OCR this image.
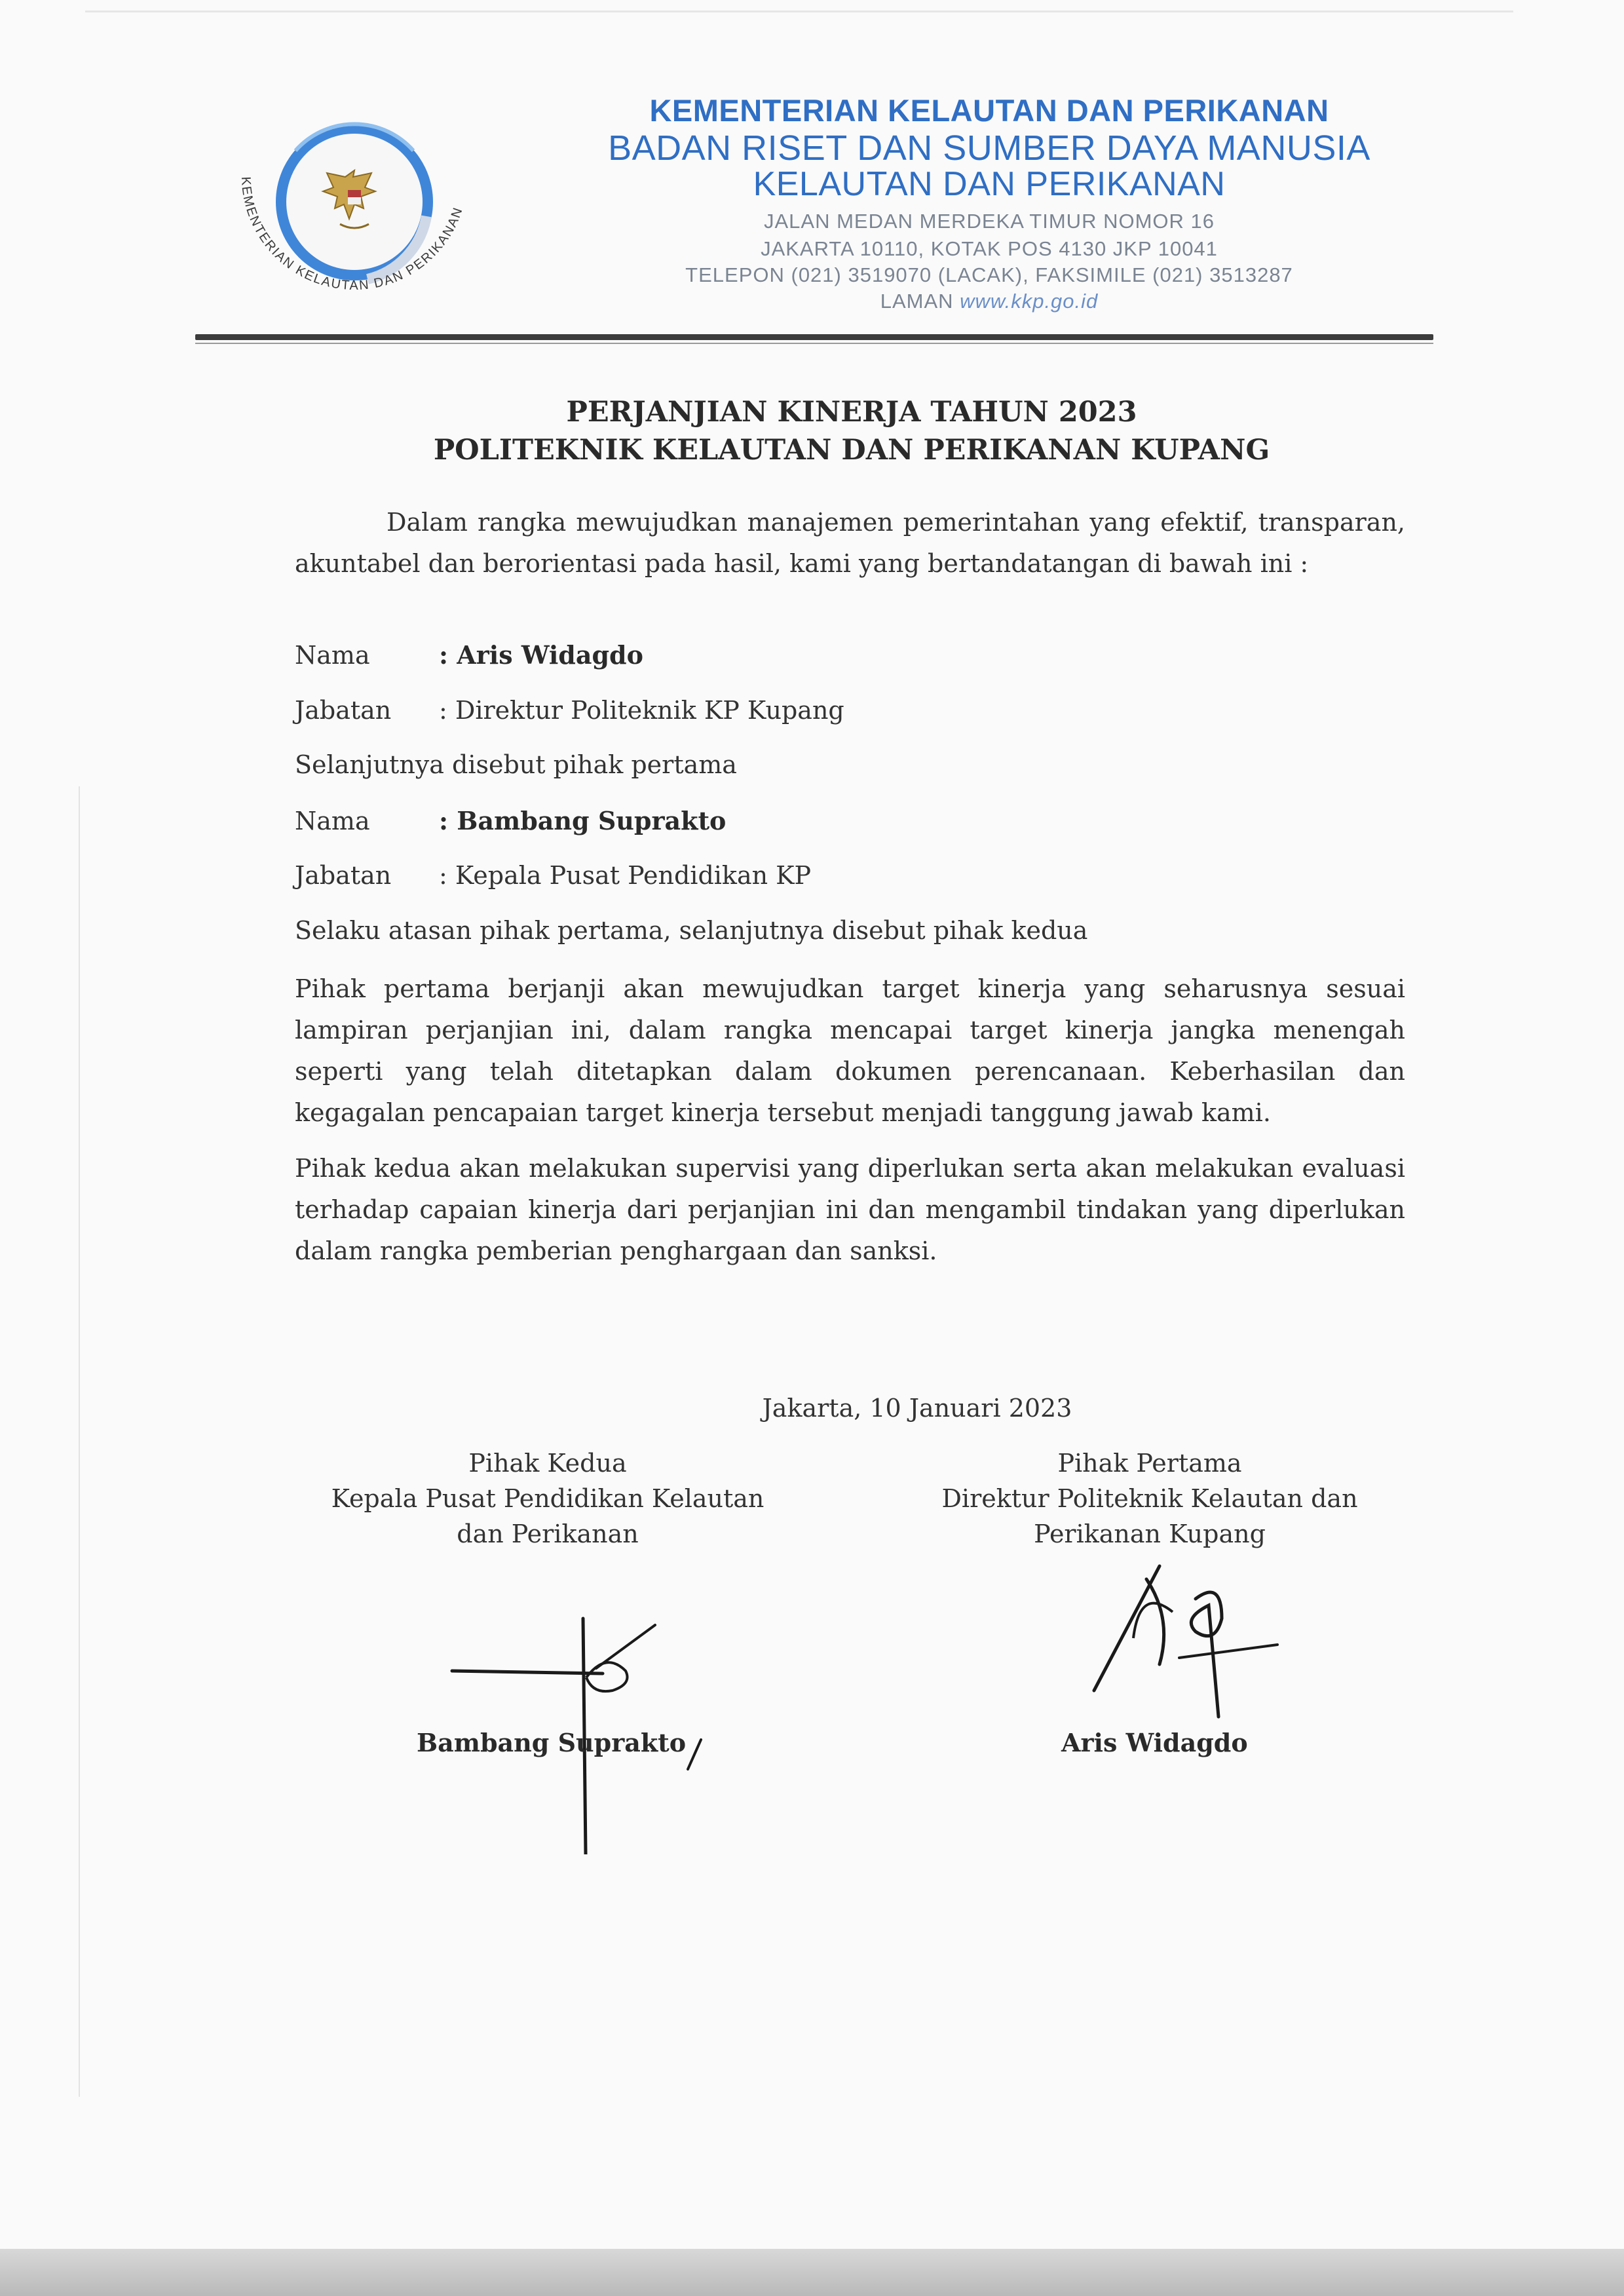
KEMENTERIAN KELAUTAN DAN PERIKANAN
KEMENTERIAN KELAUTAN DAN PERIKANAN
BADAN RISET DAN SUMBER DAYA MANUSIA
KELAUTAN DAN PERIKANAN
JALAN MEDAN MERDEKA TIMUR NOMOR 16
JAKARTA 10110, KOTAK POS 4130 JKP 10041
TELEPON (021) 3519070 (LACAK), FAKSIMILE (021) 3513287
LAMAN www.kkp.go.id
PERJANJIAN KINERJA TAHUN 2023
POLITEKNIK KELAUTAN DAN PERIKANAN KUPANG
Dalam rangka mewujudkan manajemen pemerintahan yang efektif, transparan, akuntabel dan berorientasi pada hasil, kami yang bertandatangan di bawah ini :
Nama	: Aris Widagdo
Jabatan : Direktur Politeknik KP Kupang
Selanjutnya disebut pihak pertama
Nama	: Bambang Suprakto
Jabatan : Kepala Pusat Pendidikan KP
Selaku atasan pihak pertama, selanjutnya disebut pihak kedua
Pihak pertama berjanji akan mewujudkan target kinerja yang seharusnya sesuai lampiran perjanjian ini, dalam rangka mencapai target kinerja jangka menengah seperti yang telah ditetapkan dalam dokumen perencanaan. Keberhasilan dan kegagalan pencapaian target kinerja tersebut menjadi tanggung jawab kami.
Pihak kedua akan melakukan supervisi yang diperlukan serta akan melakukan evaluasi terhadap capaian kinerja dari perjanjian ini dan mengambil tindakan yang diperlukan dalam rangka pemberian penghargaan dan sanksi.
Jakarta, 10 Januari 2023
Pihak Kedua
Kepala Pusat Pendidikan Kelautan
dan Perikanan
Pihak Pertama
Direktur Politeknik Kelautan dan
Perikanan Kupang
Bambang Suprakto	Aris Widagdo
